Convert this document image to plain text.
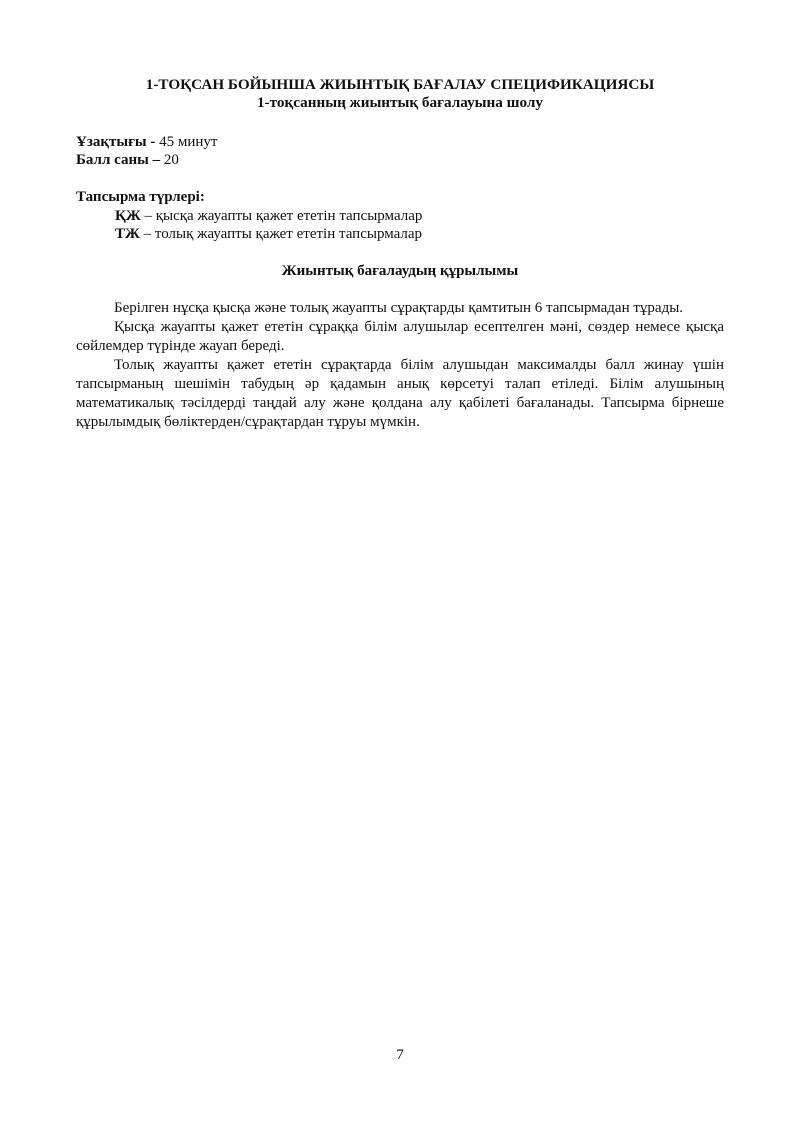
1-ТОҚСАН БОЙЫНША ЖИЫНТЫҚ БАҒАЛАУ СПЕЦИФИКАЦИЯСЫ
1-тоқсанның жиынтық бағалауына шолу
Ұзақтығы - 45 минут
Балл саны – 20
Тапсырма түрлері:
ҚЖ – қысқа жауапты қажет ететін тапсырмалар
ТЖ – толық жауапты қажет ететін тапсырмалар
Жиынтық бағалаудың құрылымы

Берілген нұсқа қысқа және толық жауапты сұрақтарды қамтитын 6 тапсырмадан тұрады.

Қысқа жауапты қажет ететін сұраққа білім алушылар есептелген мәні, сөздер немесе қысқа сөйлемдер түрінде жауап береді.

Толық жауапты қажет ететін сұрақтарда білім алушыдан максималды балл жинау үшін тапсырманың шешімін табудың әр қадамын анық көрсетуі талап етіледі. Білім алушының математикалық тәсілдерді таңдай алу және қолдана алу қабілеті бағаланады. Тапсырма бірнеше құрылымдық бөліктерден/сұрақтардан тұруы мүмкін.

7
